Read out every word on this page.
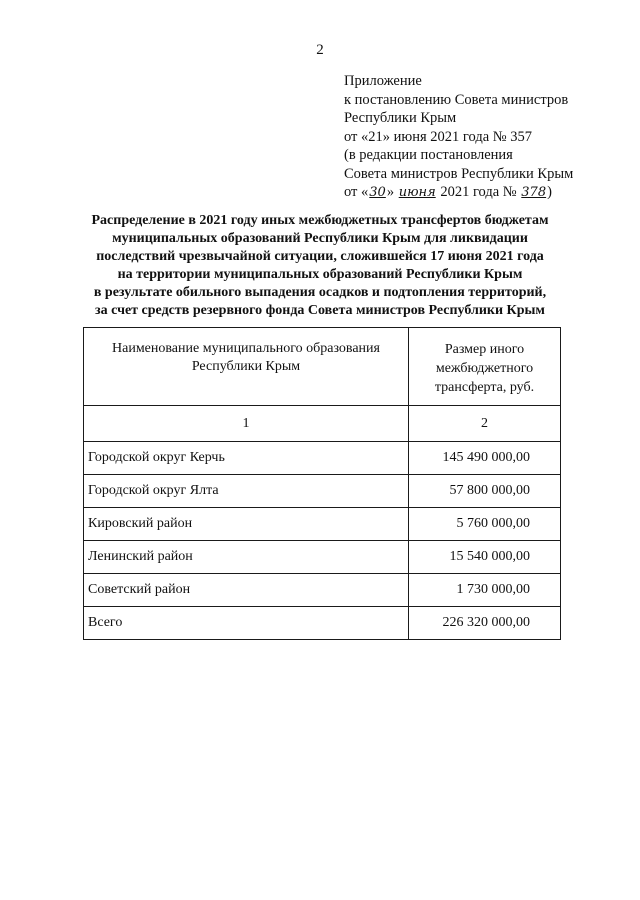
2
Приложение
к постановлению Совета министров
Республики Крым
от «21» июня 2021 года № 357
(в редакции постановления
Совета министров Республики Крым
от «30» июня 2021 года № 378)
Распределение в 2021 году иных межбюджетных трансфертов бюджетам
муниципальных образований Республики Крым для ликвидации
последствий чрезвычайной ситуации, сложившейся 17 июня 2021 года
на территории муниципальных образований Республики Крым
в результате обильного выпадения осадков и подтопления территорий,
за счет средств резервного фонда Совета министров Республики Крым
Наименование муниципального образования
Республики Крым	Размер иного
межбюджетного
трансферта, руб.
1	2
Городской округ Керчь	145 490 000,00
Городской округ Ялта	57 800 000,00
Кировский район	5 760 000,00
Ленинский район	15 540 000,00
Советский район	1 730 000,00
Всего	226 320 000,00
